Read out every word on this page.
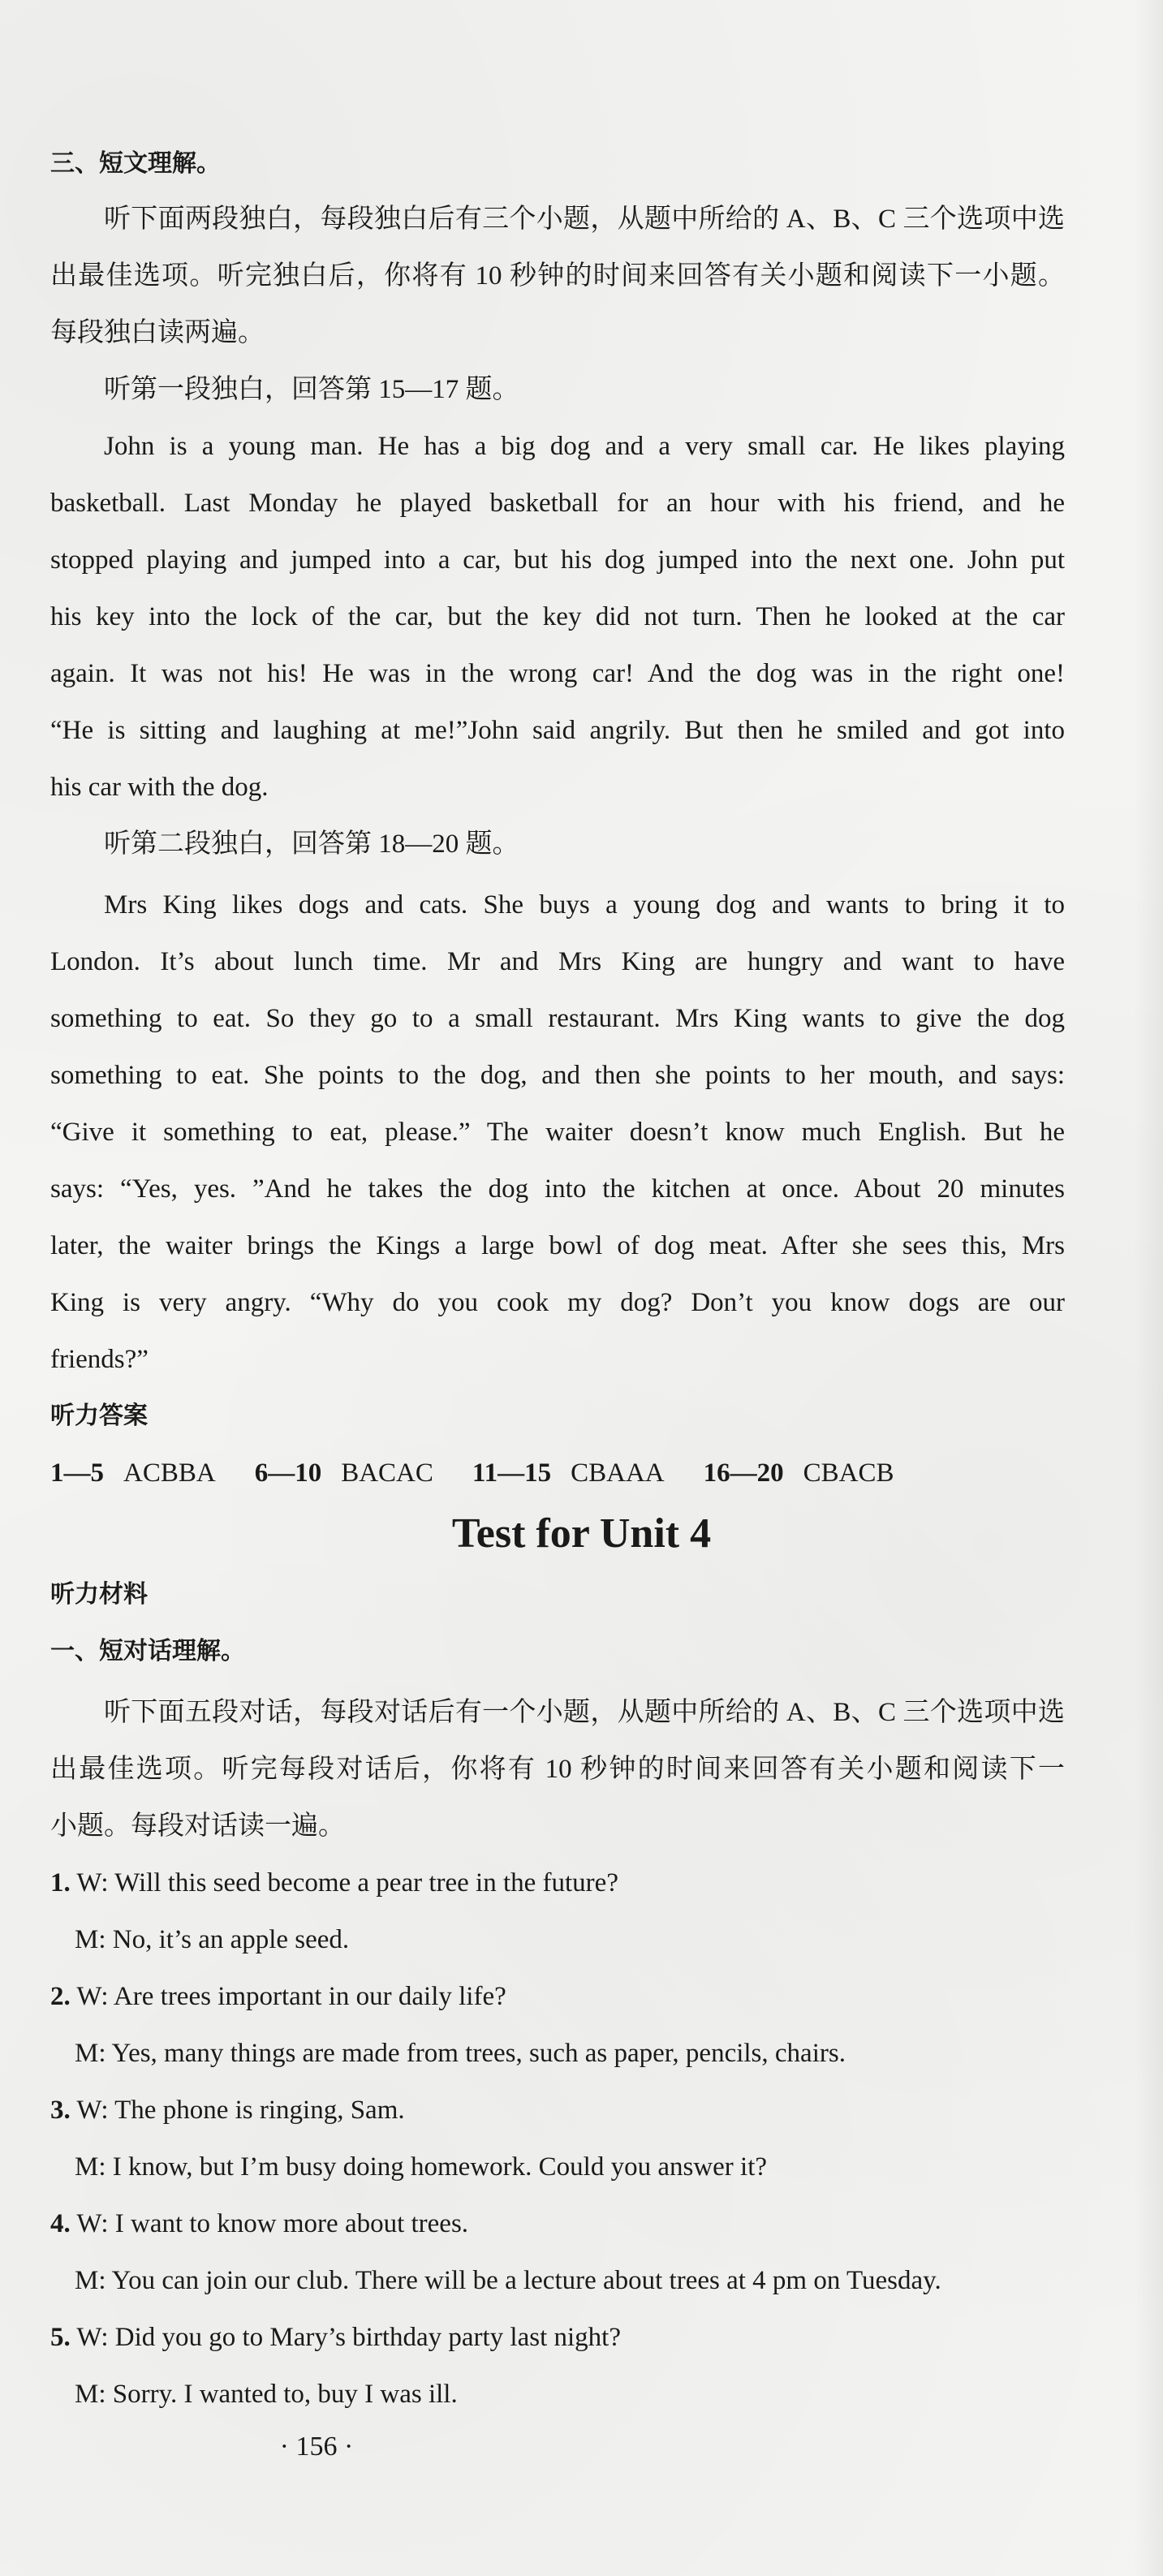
三、短文理解。
听下面两段独白，每段独白后有三个小题，从题中所给的 A、B、C 三个选项中选
出最佳选项。听完独白后，你将有 10 秒钟的时间来回答有关小题和阅读下一小题。
每段独白读两遍。
听第一段独白，回答第 15—17 题。
John is a young man. He has a big dog and a very small car. He likes playing
basketball. Last Monday he played basketball for an hour with his friend, and he
stopped playing and jumped into a car, but his dog jumped into the next one. John put
his key into the lock of the car, but the key did not turn. Then he looked at the car
again. It was not his! He was in the wrong car! And the dog was in the right one!
“He is sitting and laughing at me!”John said angrily. But then he smiled and got into
his car with the dog.
听第二段独白，回答第 18—20 题。
Mrs King likes dogs and cats. She buys a young dog and wants to bring it to
London. It’s about lunch time. Mr and Mrs King are hungry and want to have
something to eat. So they go to a small restaurant. Mrs King wants to give the dog
something to eat. She points to the dog, and then she points to her mouth, and says:
“Give it something to eat, please.” The waiter doesn’t know much English. But he
says: “Yes, yes. ”And he takes the dog into the kitchen at once. About 20 minutes
later, the waiter brings the Kings a large bowl of dog meat. After she sees this, Mrs
King is very angry. “Why do you cook my dog? Don’t you know dogs are our
friends?”
听力答案
1—5 ACBBA 6—10 BACAC 11—15 CBAAA 16—20 CBACB
Test for Unit 4
听力材料
一、短对话理解。
听下面五段对话，每段对话后有一个小题，从题中所给的 A、B、C 三个选项中选
出最佳选项。听完每段对话后，你将有 10 秒钟的时间来回答有关小题和阅读下一
小题。每段对话读一遍。
1. W: Will this seed become a pear tree in the future?
M: No, it’s an apple seed.
2. W: Are trees important in our daily life?
M: Yes, many things are made from trees, such as paper, pencils, chairs.
3. W: The phone is ringing, Sam.
M: I know, but I’m busy doing homework. Could you answer it?
4. W: I want to know more about trees.
M: You can join our club. There will be a lecture about trees at 4 pm on Tuesday.
5. W: Did you go to Mary’s birthday party last night?
M: Sorry. I wanted to, buy I was ill.
· 156 ·
